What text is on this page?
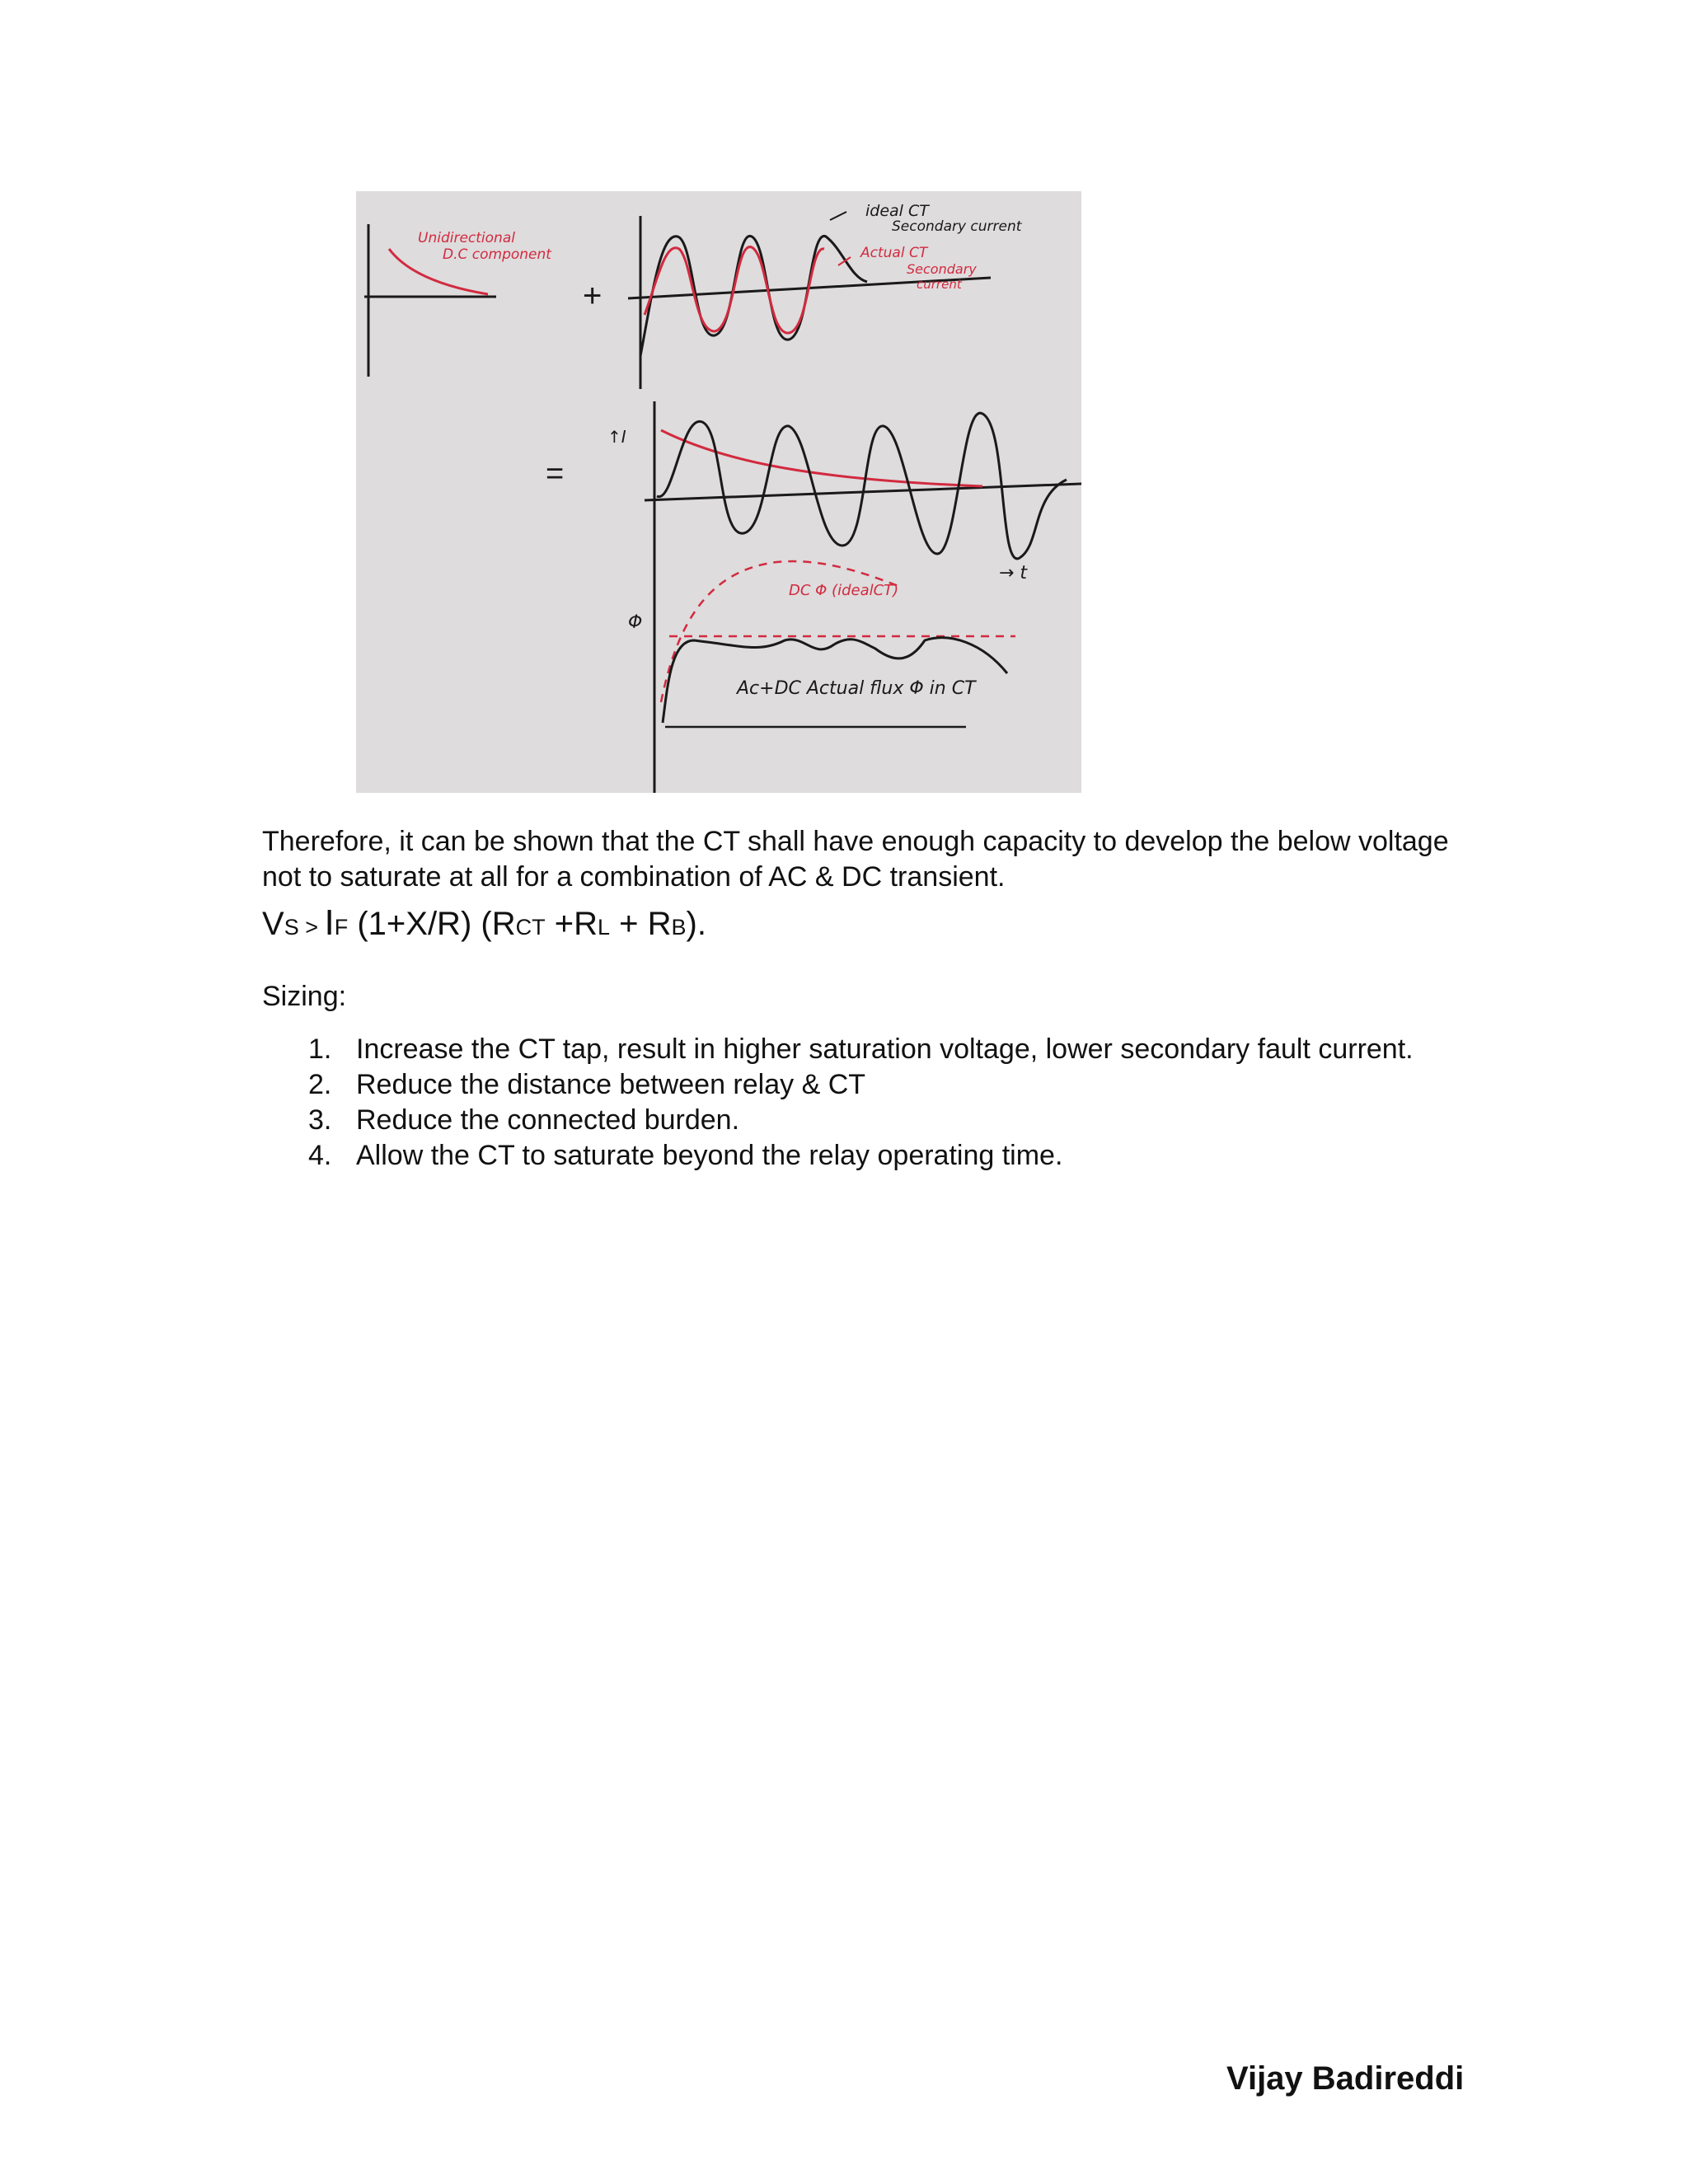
Unidirectional
D.C component
+
ideal CT
Secondary current
Actual CT
Secondary
current
=
↑I
→ t
Φ
DC Φ (idealCT)
Ac+DC Actual flux Φ in CT

Therefore, it can be shown that the CT shall have enough capacity to develop the below voltage not to saturate at all for a combination of AC & DC transient.

VS > IF (1+X/R) (RCT +RL + RB).
Sizing:
1. Increase the CT tap, result in higher saturation voltage, lower secondary fault current.
2. Reduce the distance between relay & CT
3. Reduce the connected burden.
4. Allow the CT to saturate beyond the relay operating time.
Vijay Badireddi
